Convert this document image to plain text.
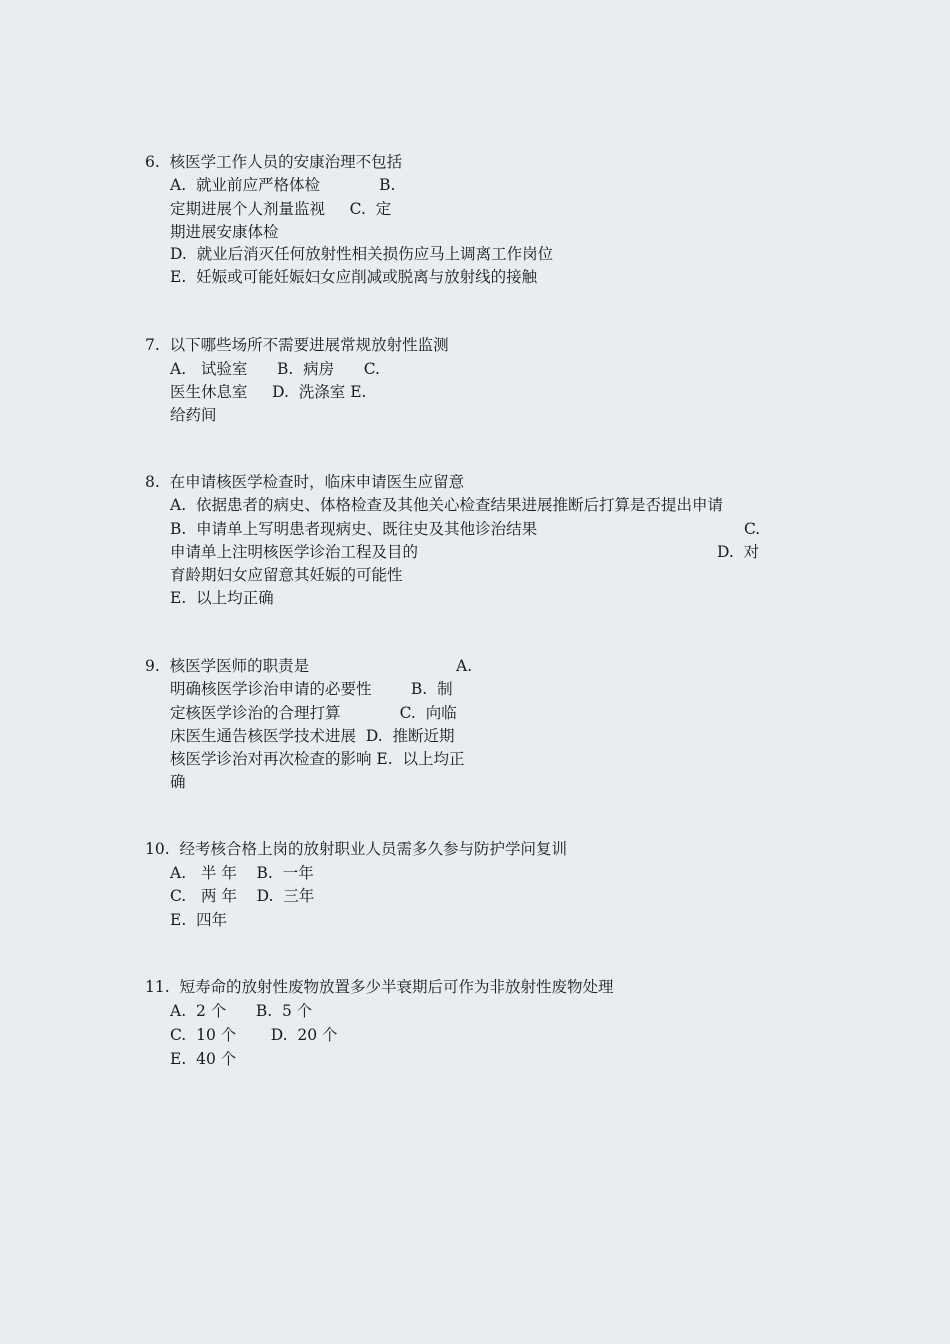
6.  核医学工作人员的安康治理不包括
A.  就业前应严格体检            B.
定期进展个人剂量监视     C.  定
期进展安康体检
D.  就业后消灭任何放射性相关损伤应马上调离工作岗位
E.  妊娠或可能妊娠妇女应削减或脱离与放射线的接触
7.  以下哪些场所不需要进展常规放射性监测
A.   试验室      B.  病房      C.
医生休息室     D.  洗涤室 E.
给药间
8.  在申请核医学检查时，临床申请医生应留意
A.  依据患者的病史、体格检查及其他关心检查结果进展推断后打算是否提出申请
B.  申请单上写明患者现病史、既往史及其他诊治结果	C.
申请单上注明核医学诊治工程及目的	D.  对
育龄期妇女应留意其妊娠的可能性
E.  以上均正确
9.  核医学医师的职责是	A.
明确核医学诊治申请的必要性        B.  制
定核医学诊治的合理打算            C.  向临
床医生通告核医学技术进展  D.  推断近期
核医学诊治对再次检查的影响 E.  以上均正
确
10.  经考核合格上岗的放射职业人员需多久参与防护学问复训
A.   半 年    B.  一年
C.   两 年    D.  三年
E.  四年
11.  短寿命的放射性废物放置多少半衰期后可作为非放射性废物处理
A.  2 个      B.  5 个
C.  10 个       D.  20 个
E.  40 个
